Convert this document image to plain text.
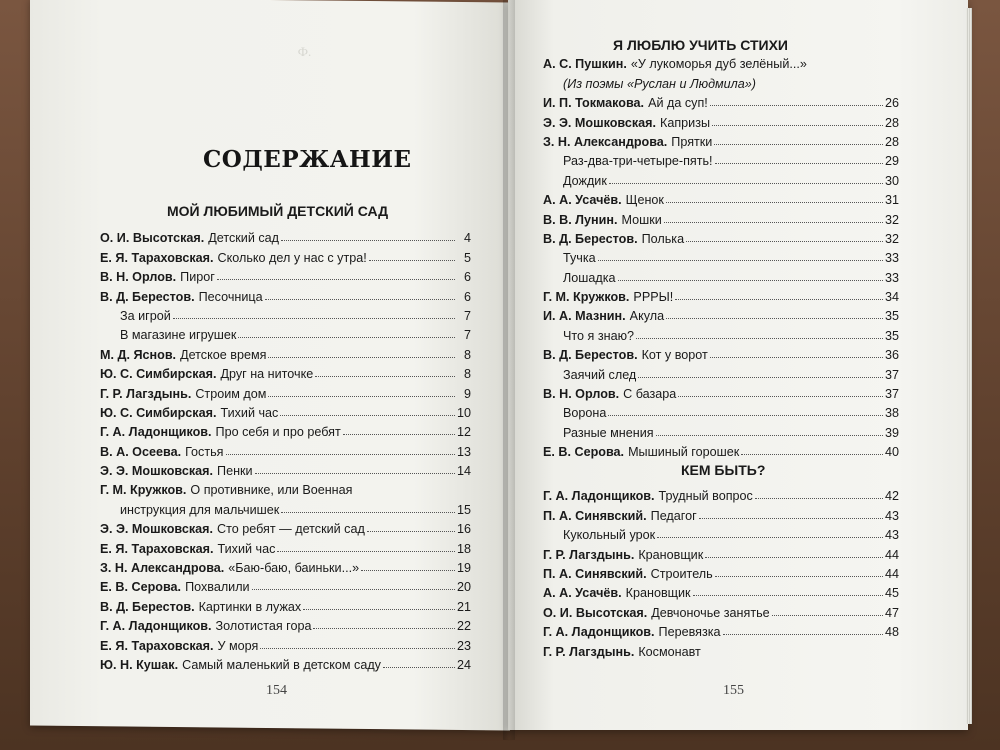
Ф.

СОДЕРЖАНИЕ
МОЙ ЛЮБИМЫЙ ДЕТСКИЙ САД
О. И. Высотская. Детский сад	4
Е. Я. Тараховская. Сколько дел у нас с утра!	5
В. Н. Орлов. Пирог	6
В. Д. Берестов. Песочница	6
За игрой	7
В магазине игрушек	7
М. Д. Яснов. Детское время	8
Ю. С. Симбирская. Друг на ниточке	8
Г. Р. Лагздынь. Строим дом	9
Ю. С. Симбирская. Тихий час	10
Г. А. Ладонщиков. Про себя и про ребят	12
В. А. Осеева. Гостья	13
Э. Э. Мошковская. Пенки	14
Г. М. Кружков. О противнике, или Военная
инструкция для мальчишек	15
Э. Э. Мошковская. Сто ребят — детский сад	16
Е. Я. Тараховская. Тихий час	18
З. Н. Александрова. «Баю-баю, баиньки...»	19
Е. В. Серова. Похвалили	20
В. Д. Берестов. Картинки в лужах	21
Г. А. Ладонщиков. Золотистая гора	22
Е. Я. Тараховская. У моря	23
Ю. Н. Кушак. Самый маленький в детском саду	24
154
Я ЛЮБЛЮ УЧИТЬ СТИХИ
А. С. Пушкин. «У лукоморья дуб зелёный...»
(Из поэмы «Руслан и Людмила»)
И. П. Токмакова. Ай да суп!	26
Э. Э. Мошковская. Капризы	28
З. Н. Александрова. Прятки	28
Раз-два-три-четыре-пять!	29
Дождик	30
А. А. Усачёв. Щенок	31
В. В. Лунин. Мошки	32
В. Д. Берестов. Полька	32
Тучка	33
Лошадка	33
Г. М. Кружков. РРРЫ!	34
И. А. Мазнин. Акула	35
Что я знаю?	35
В. Д. Берестов. Кот у ворот	36
Заячий след	37
В. Н. Орлов. С базара	37
Ворона	38
Разные мнения	39
Е. В. Серова. Мышиный горошек	40
КЕМ БЫТЬ?
Г. А. Ладонщиков. Трудный вопрос	42
П. А. Синявский. Педагог	43
Кукольный урок	43
Г. Р. Лагздынь. Крановщик	44
П. А. Синявский. Строитель	44
А. А. Усачёв. Крановщик	45
О. И. Высотская. Девчоночье занятье	47
Г. А. Ладонщиков. Перевязка	48
Г. Р. Лагздынь. Космонавт
155
